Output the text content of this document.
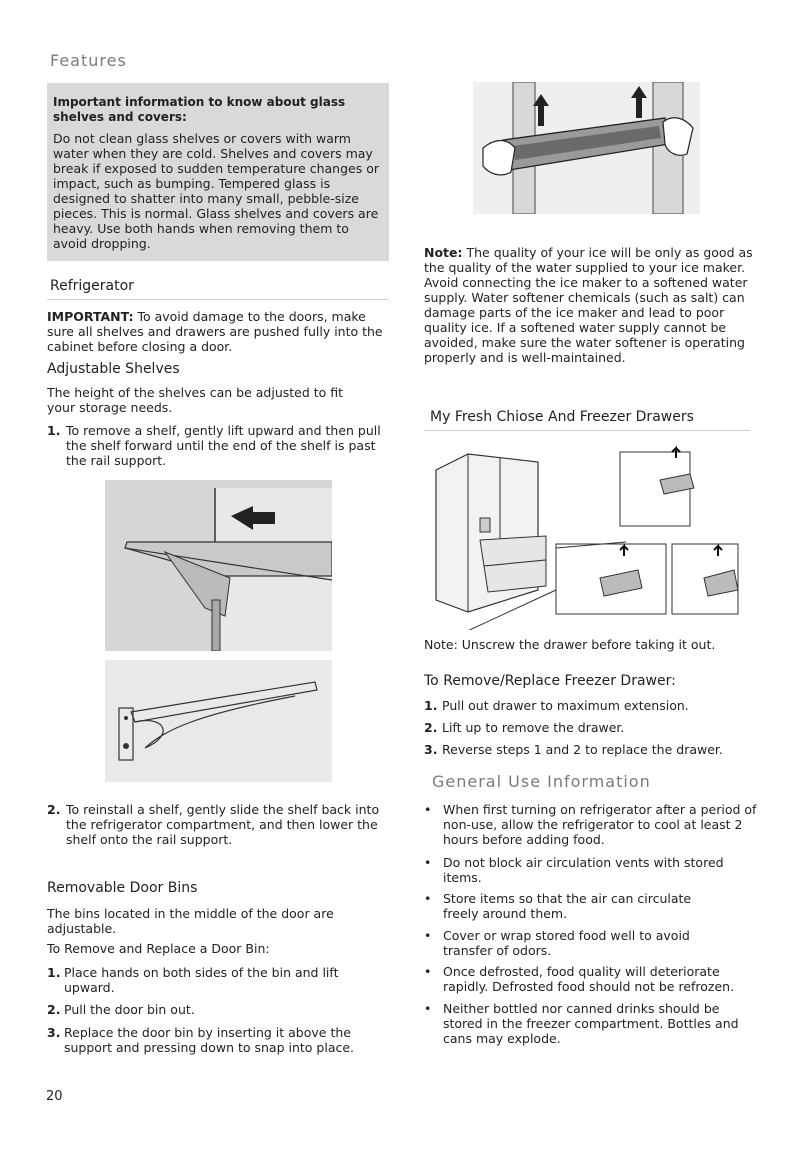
Features
Important information to know about glass shelves and covers:
Do not clean glass shelves or covers with warm water when they are cold. Shelves and covers may break if exposed to sudden temperature changes or impact, such as bumping. Tempered glass is designed to shatter into many small, pebble-size pieces. This is normal. Glass shelves and covers are heavy. Use both hands when removing them to avoid dropping.
Refrigerator
IMPORTANT: To avoid damage to the doors, make sure all shelves and drawers are pushed fully into the cabinet before closing a door.
Adjustable Shelves
The height of the shelves can be adjusted to fit your storage needs.
1. To remove a shelf, gently lift upward and then pull the shelf forward until the end of the shelf is past the rail support.
2. To reinstall a shelf, gently slide the shelf back into the refrigerator compartment, and then lower the shelf onto the rail support.
Removable Door Bins
The bins located in the middle of the door are adjustable.
To Remove and Replace a Door Bin:
1. Place hands on both sides of the bin and lift upward.
2. Pull the door bin out.
3. Replace the door bin by inserting it above the support and pressing down to snap into place.
20
Note: The quality of your ice will be only as good as the quality of the water supplied to your ice maker. Avoid connecting the ice maker to a softened water supply. Water softener chemicals (such as salt) can damage parts of the ice maker and lead to poor quality ice. If a softened water supply cannot be avoided, make sure the water softener is operating properly and is well-maintained.
My Fresh Chiose And Freezer Drawers
Note: Unscrew the drawer before taking it out.
To Remove/Replace Freezer Drawer:
1. Pull out drawer to maximum extension.
2. Lift up to remove the drawer.
3. Reverse steps 1 and 2 to replace the drawer.
General Use Information
• When first turning on refrigerator after a period of non-use, allow the refrigerator to cool at least 2 hours before adding food.
• Do not block air circulation vents with stored items.
• Store items so that the air can circulate freely around them.
• Cover or wrap stored food well to avoid transfer of odors.
• Once defrosted, food quality will deteriorate rapidly. Defrosted food should not be refrozen.
• Neither bottled nor canned drinks should be stored in the freezer compartment. Bottles and cans may explode.
